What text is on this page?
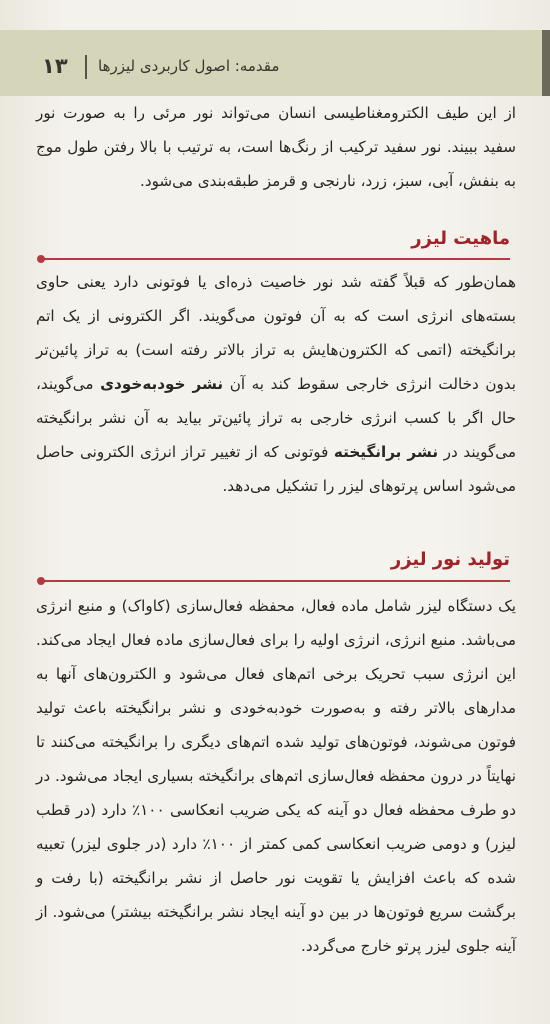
۱۳ مقدمه: اصول کاربردی لیزرها
از این طیف الکترومغناطیسی انسان می‌تواند نور مرئی را به صورت نور سفید ببیند. نور سفید ترکیب از رنگ‌ها است، به ترتیب با بالا رفتن طول موج به بنفش، آبی، سبز، زرد، نارنجی و قرمز طبقه‌بندی می‌شود.
ماهیت لیزر
همان‌طور که قبلاً گفته شد نور خاصیت ذره‌ای یا فوتونی دارد یعنی حاوی بسته‌های انرژی است که به آن فوتون می‌گویند. اگر الکترونی از یک اتم برانگیخته (اتمی که الکترون‌هایش به تراز بالاتر رفته است) به تراز پائین‌تر بدون دخالت انرژی خارجی سقوط کند به آن نشر خودبه‌خودی می‌گویند، حال اگر با کسب انرژی خارجی به تراز پائین‌تر بیاید به آن نشر برانگیخته می‌گویند در نشر برانگیخته فوتونی که از تغییر تراز انرژی الکترونی حاصل می‌شود اساس پرتوهای لیزر را تشکیل می‌دهد.
تولید نور لیزر
یک دستگاه لیزر شامل ماده فعال، محفظه فعال‌سازی (کاواک) و منبع انرژی می‌باشد. منبع انرژی، انرژی اولیه را برای فعال‌سازی ماده فعال ایجاد می‌کند. این انرژی سبب تحریک برخی اتم‌های فعال می‌شود و الکترون‌های آنها به مدارهای بالاتر رفته و به‌صورت خودبه‌خودی و نشر برانگیخته باعث تولید فوتون می‌شوند، فوتون‌های تولید شده اتم‌های دیگری را برانگیخته می‌کنند تا نهایتاً در درون محفظه فعال‌سازی اتم‌های برانگیخته بسیاری ایجاد می‌شود. در دو طرف محفظه فعال دو آینه که یکی ضریب انعکاسی ۱۰۰٪ دارد (در قطب لیزر) و دومی ضریب انعکاسی کمی کمتر از ۱۰۰٪ دارد (در جلوی لیزر) تعبیه شده که باعث افزایش یا تقویت نور حاصل از نشر برانگیخته (با رفت و برگشت سریع فوتون‌ها در بین دو آینه ایجاد نشر برانگیخته بیشتر) می‌شود. از آینه جلوی لیزر پرتو خارج می‌گردد.
